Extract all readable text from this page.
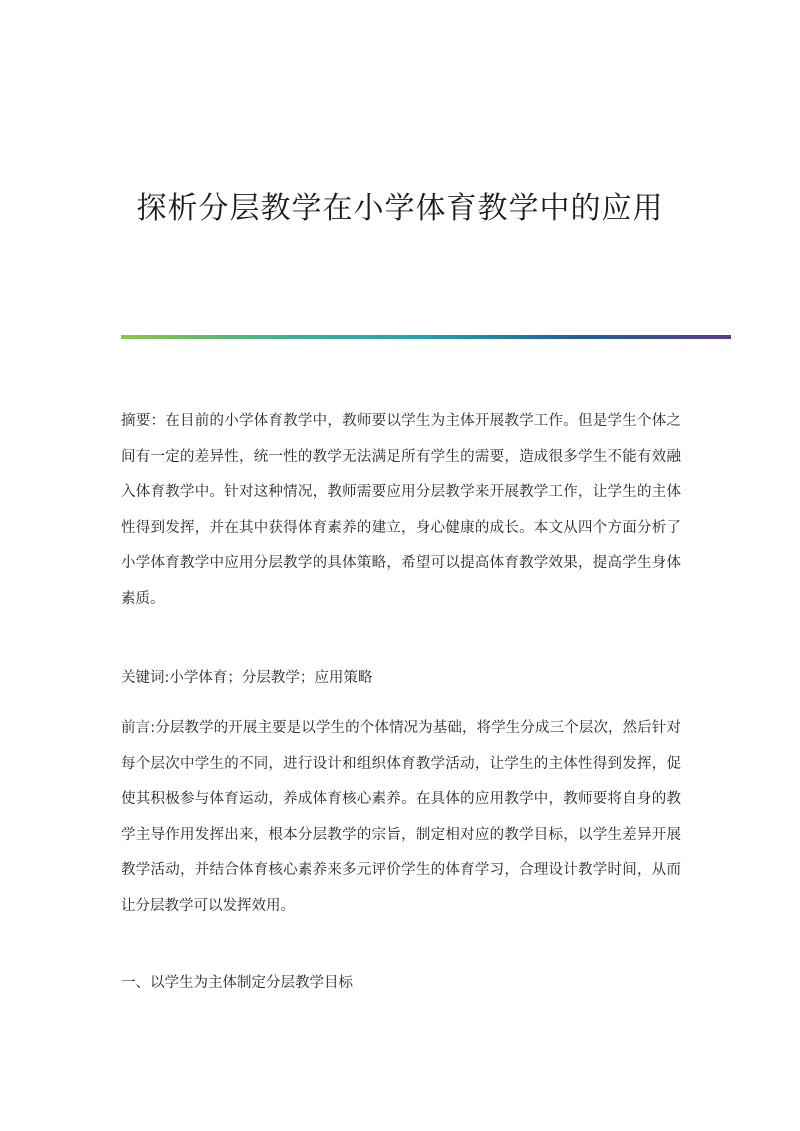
探析分层教学在小学体育教学中的应用

摘要：在目前的小学体育教学中，教师要以学生为主体开展教学工作。但是学生个体之间有一定的差异性，统一性的教学无法满足所有学生的需要，造成很多学生不能有效融入体育教学中。针对这种情况，教师需要应用分层教学来开展教学工作，让学生的主体性得到发挥，并在其中获得体育素养的建立，身心健康的成长。本文从四个方面分析了小学体育教学中应用分层教学的具体策略，希望可以提高体育教学效果，提高学生身体素质。

关键词:小学体育；分层教学；应用策略

前言:分层教学的开展主要是以学生的个体情况为基础，将学生分成三个层次，然后针对每个层次中学生的不同，进行设计和组织体育教学活动，让学生的主体性得到发挥，促使其积极参与体育运动，养成体育核心素养。在具体的应用教学中，教师要将自身的教学主导作用发挥出来，根本分层教学的宗旨，制定相对应的教学目标，以学生差异开展教学活动，并结合体育核心素养来多元评价学生的体育学习，合理设计教学时间，从而让分层教学可以发挥效用。

一、以学生为主体制定分层教学目标
